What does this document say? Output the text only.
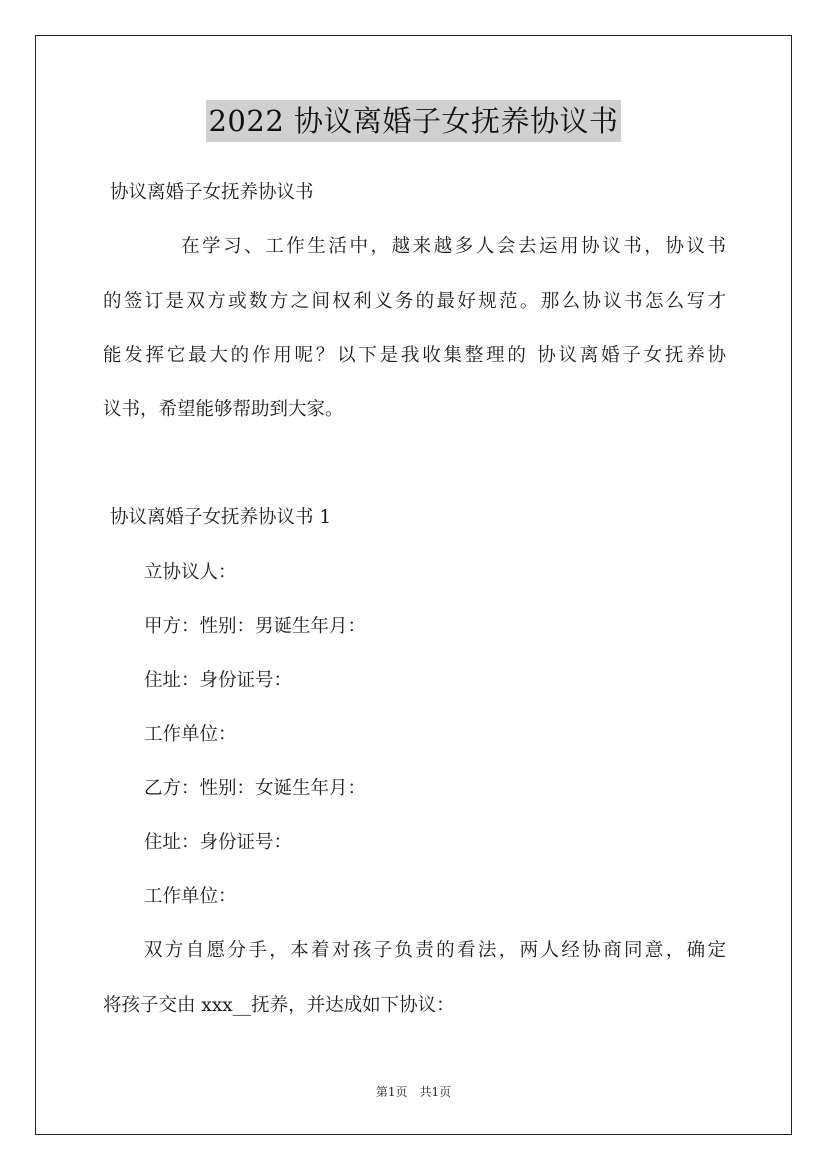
2022 协议离婚子女抚养协议书
协议离婚子女抚养协议书
在学习、工作生活中，越来越多人会去运用协议书，协议书
的签订是双方或数方之间权利义务的最好规范。那么协议书怎么写才
能发挥它最大的作用呢？以下是我收集整理的 协议离婚子女抚养协
议书，希望能够帮助到大家。
协议离婚子女抚养协议书 1
立协议人：
甲方：性别：男诞生年月：
住址：身份证号：
工作单位：
乙方：性别：女诞生年月：
住址：身份证号：
工作单位：
双方自愿分手，本着对孩子负责的看法，两人经协商同意，确定
将孩子交由 xxx__抚养，并达成如下协议：
第1页　共1页
